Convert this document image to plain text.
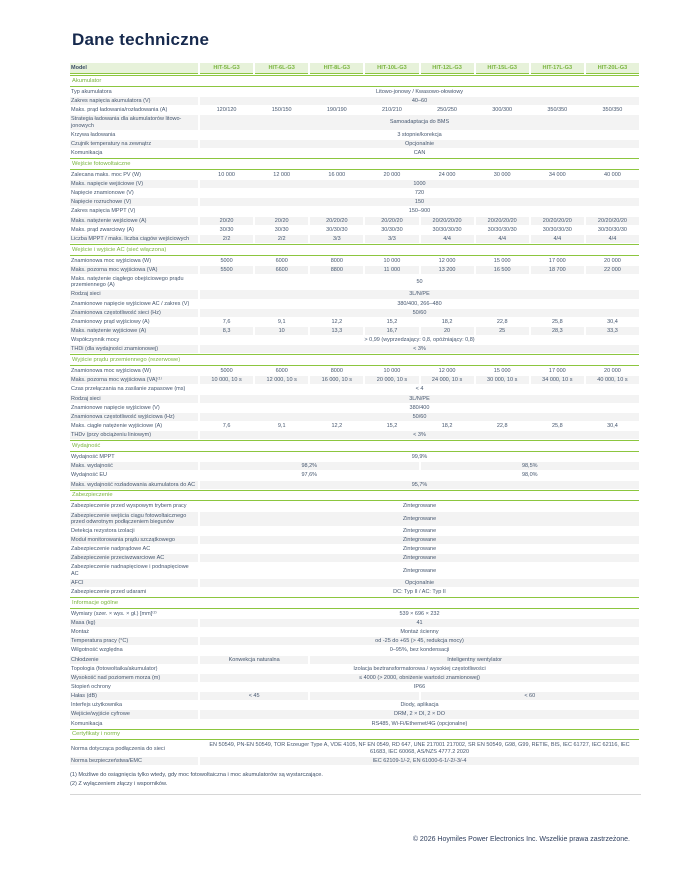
Dane techniczne
Model	HIT-5L-G3	HIT-6L-G3	HIT-8L-G3	HIT-10L-G3	HIT-12L-G3	HIT-15L-G3	HIT-17L-G3	HIT-20L-G3
Akumulator								
Typ akumulatora	Litowo-jonowy / Kwasowo-ołowiowy							
Zakres napięcia akumulatora (V)	40–60							
Maks. prąd ładowania/rozładowania (A)	120/120	150/150	190/190	210/210	250/250	300/300	350/350	350/350
Strategia ładowania dla akumulatorów litowo-jonowych	Samoadaptacja do BMS							
Krzywa ładowania	3 stopnie/korekcja							
Czujnik temperatury na zewnątrz	Opcjonalnie							
Komunikacja	CAN							
Wejście fotowoltaiczne								
Zalecana maks. moc PV (W)	10 000	12 000	16 000	20 000	24 000	30 000	34 000	40 000
Maks. napięcie wejściowe (V)	1000							
Napięcie znamionowe (V)	720							
Napięcie rozruchowe (V)	150							
Zakres napięcia MPPT (V)	150–900							
Maks. natężenie wejściowe (A)	20/20	20/20	20/20/20	20/20/20	20/20/20/20	20/20/20/20	20/20/20/20	20/20/20/20
Maks. prąd zwarciowy (A)	30/30	30/30	30/30/30	30/30/30	30/30/30/30	30/30/30/30	30/30/30/30	30/30/30/30
Liczba MPPT / maks. liczba ciągów wejściowych	2/2	2/2	3/3	3/3	4/4	4/4	4/4	4/4
Wejście i wyjście AC (sieć włączona)								
Znamionowa moc wyjściowa (W)	5000	6000	8000	10 000	12 000	15 000	17 000	20 000
Maks. pozorna moc wyjściowa (VA)	5500	6600	8800	11 000	13 200	16 500	18 700	22 000
Maks. natężenie ciągłego obejściowego prądu przemiennego (A)	50							
Rodzaj sieci	3L/N/PE							
Znamionowe napięcie wyjściowe AC / zakres (V)	380/400, 266–480							
Znamionowa częstotliwość sieci (Hz)	50/60							
Znamionowy prąd wyjściowy (A)	7,6	9,1	12,2	15,2	18,2	22,8	25,8	30,4
Maks. natężenie wyjściowe (A)	8,3	10	13,3	16,7	20	25	28,3	33,3
Współczynnik mocy	> 0,99 (wyprzedzający: 0,8, opóźniający: 0,8)							
THDi (dla wydajności znamionowej)	< 3%							
Wyjście prądu przemiennego (rezerwowe)								
Znamionowa moc wyjściowa (W)	5000	6000	8000	10 000	12 000	15 000	17 000	20 000
Maks. pozorna moc wyjściowa (VA)⁽¹⁾	10 000, 10 s	12 000, 10 s	16 000, 10 s	20 000, 10 s	24 000, 10 s	30 000, 10 s	34 000, 10 s	40 000, 10 s
Czas przełączania na zasilanie zapasowe (ms)	< 4							
Rodzaj sieci	3L/N/PE							
Znamionowe napięcie wyjściowe (V)	380/400							
Znamionowa częstotliwość wyjściowa (Hz)	50/60							
Maks. ciągłe natężenie wyjściowe (A)	7,6	9,1	12,2	15,2	18,2	22,8	25,8	30,4
THDv (przy obciążeniu liniowym)	< 3%							
Wydajność								
Wydajność MPPT	99,9%							
Maks. wydajność	98,2%				98,5%			
Wydajność EU	97,6%				98,0%			
Maks. wydajność rozładowania akumulatora do AC	95,7%							
Zabezpieczenie								
Zabezpieczenie przed wyspowym trybem pracy	Zintegrowane							
Zabezpieczenie wejścia ciągu fotowoltaicznego przed odwrotnym podłączeniem biegunów	Zintegrowane							
Detekcja rezystora izolacji	Zintegrowane							
Moduł monitorowania prądu szczątkowego	Zintegrowane							
Zabezpieczenie nadprądowe AC	Zintegrowane							
Zabezpieczenie przeciwzwarciowe AC	Zintegrowane							
Zabezpieczenie nadnapięciowe i podnapięciowe AC	Zintegrowane							
AFCI	Opcjonalnie							
Zabezpieczenie przed udarami	DC: Typ II / AC: Typ II							
Informacje ogólne								
Wymiary (szer. × wys. × gł.) [mm]⁽²⁾	539 × 696 × 232							
Masa (kg)	41							
Montaż	Montaż ścienny							
Temperatura pracy (°C)	od -25 do +65 (> 45, redukcja mocy)							
Wilgotność względna	0–95%, bez kondensacji							
Chłodzenie	Konwekcja naturalna		Inteligentny wentylator					
Topologia (fotowoltaika/akumulator)	Izolacja beztransformatorowa / wysokiej częstotliwości							
Wysokość nad poziomem morza (m)	≤ 4000 (> 2000, obniżenie wartości znamionowej)							
Stopień ochrony	IP66							
Hałas (dB)	< 45				< 60			
Interfejs użytkownika	Diody, aplikacja							
Wejście/wyjście cyfrowe	DRM, 2 × DI, 2 × DO							
Komunikacja	RS485, Wi-Fi/Ethernet/4G (opcjonalne)							
Certyfikaty i normy								
Norma dotycząca podłączenia do sieci	EN 50549, PN-EN 50549, TOR Erzeuger Type A, VDE 4105, NF EN 0549, RD 647, UNE 217001 217002, SR EN 50549, G98, G99, RETIE, BIS, IEC 61727, IEC 62116, IEC 61683, IEC 60068, AS/NZS 4777.2 2020							
Norma bezpieczeństwa/EMC	IEC 62109-1/-2, EN 61000-6-1/-2/-3/-4							
(1) Możliwe do osiągnięcia tylko wtedy, gdy moc fotowoltaiczna i moc akumulatorów są wystarczające.
(2) Z wyłączeniem złączy i wsporników.
© 2026 Hoymiles Power Electronics Inc. Wszelkie prawa zastrzeżone.
